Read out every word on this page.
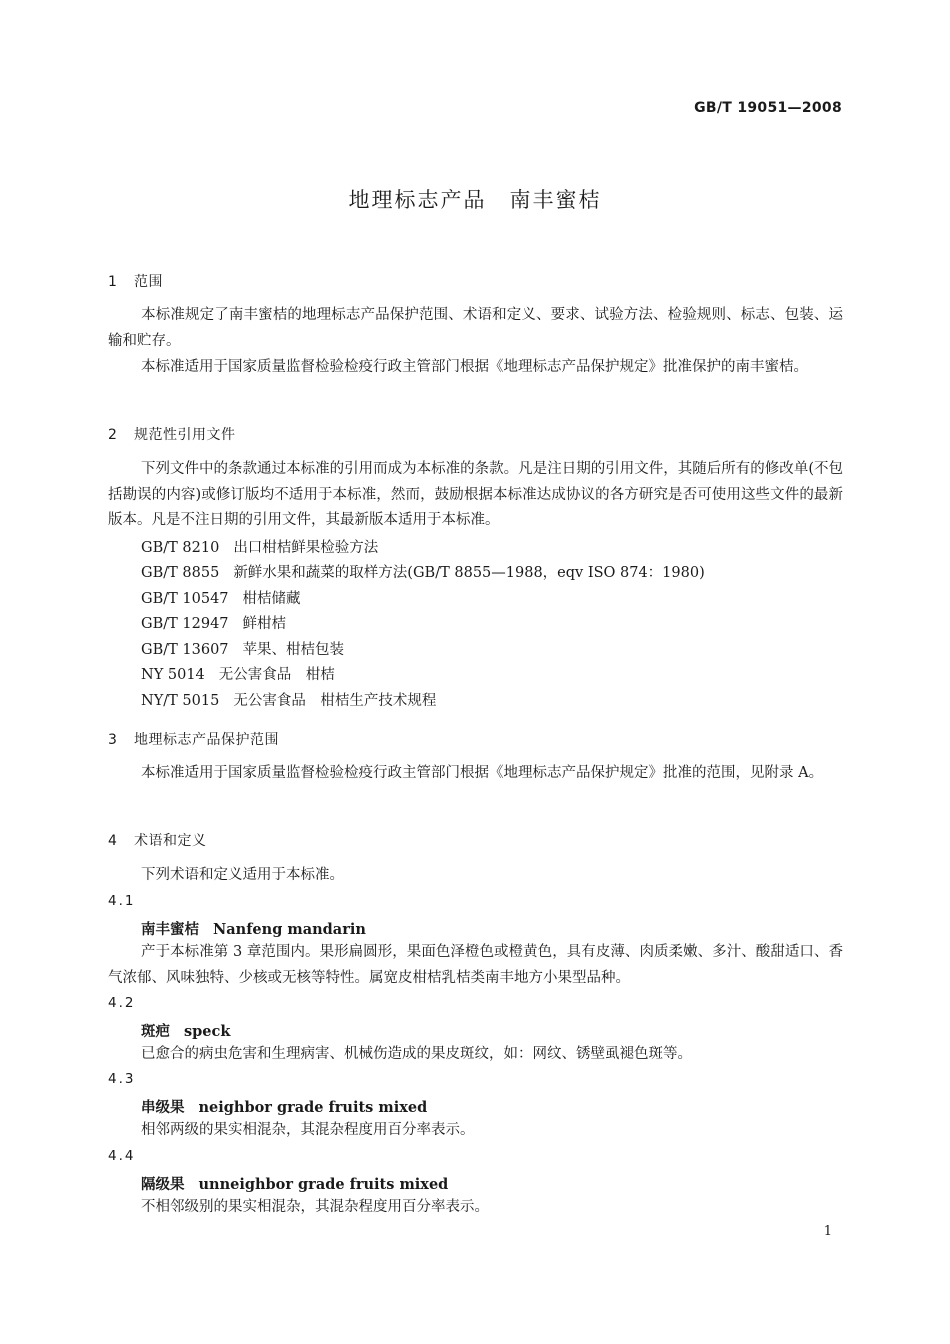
GB/T 19051—2008
地理标志产品　南丰蜜桔
1 范围
本标准规定了南丰蜜桔的地理标志产品保护范围、术语和定义、要求、试验方法、检验规则、标志、包装、运输和贮存。
本标准适用于国家质量监督检验检疫行政主管部门根据《地理标志产品保护规定》批准保护的南丰蜜桔。
2 规范性引用文件
下列文件中的条款通过本标准的引用而成为本标准的条款。凡是注日期的引用文件，其随后所有的修改单(不包括勘误的内容)或修订版均不适用于本标准，然而，鼓励根据本标准达成协议的各方研究是否可使用这些文件的最新版本。凡是不注日期的引用文件，其最新版本适用于本标准。
GB/T 8210 出口柑桔鲜果检验方法
GB/T 8855 新鲜水果和蔬菜的取样方法(GB/T 8855—1988，eqv ISO 874：1980)
GB/T 10547 柑桔储藏
GB/T 12947 鲜柑桔
GB/T 13607 苹果、柑桔包装
NY 5014 无公害食品　柑桔
NY/T 5015 无公害食品　柑桔生产技术规程
3 地理标志产品保护范围
本标准适用于国家质量监督检验检疫行政主管部门根据《地理标志产品保护规定》批准的范围，见附录 A。
4 术语和定义
下列术语和定义适用于本标准。
4.1
南丰蜜桔 Nanfeng mandarin
产于本标准第 3 章范围内。果形扁圆形，果面色泽橙色或橙黄色，具有皮薄、肉质柔嫩、多汁、酸甜适口、香气浓郁、风味独特、少核或无核等特性。属宽皮柑桔乳桔类南丰地方小果型品种。
4.2
斑疤 speck
已愈合的病虫危害和生理病害、机械伤造成的果皮斑纹，如：网纹、锈壁虱褪色斑等。
4.3
串级果 neighbor grade fruits mixed
相邻两级的果实相混杂，其混杂程度用百分率表示。
4.4
隔级果 unneighbor grade fruits mixed
不相邻级别的果实相混杂，其混杂程度用百分率表示。
1
